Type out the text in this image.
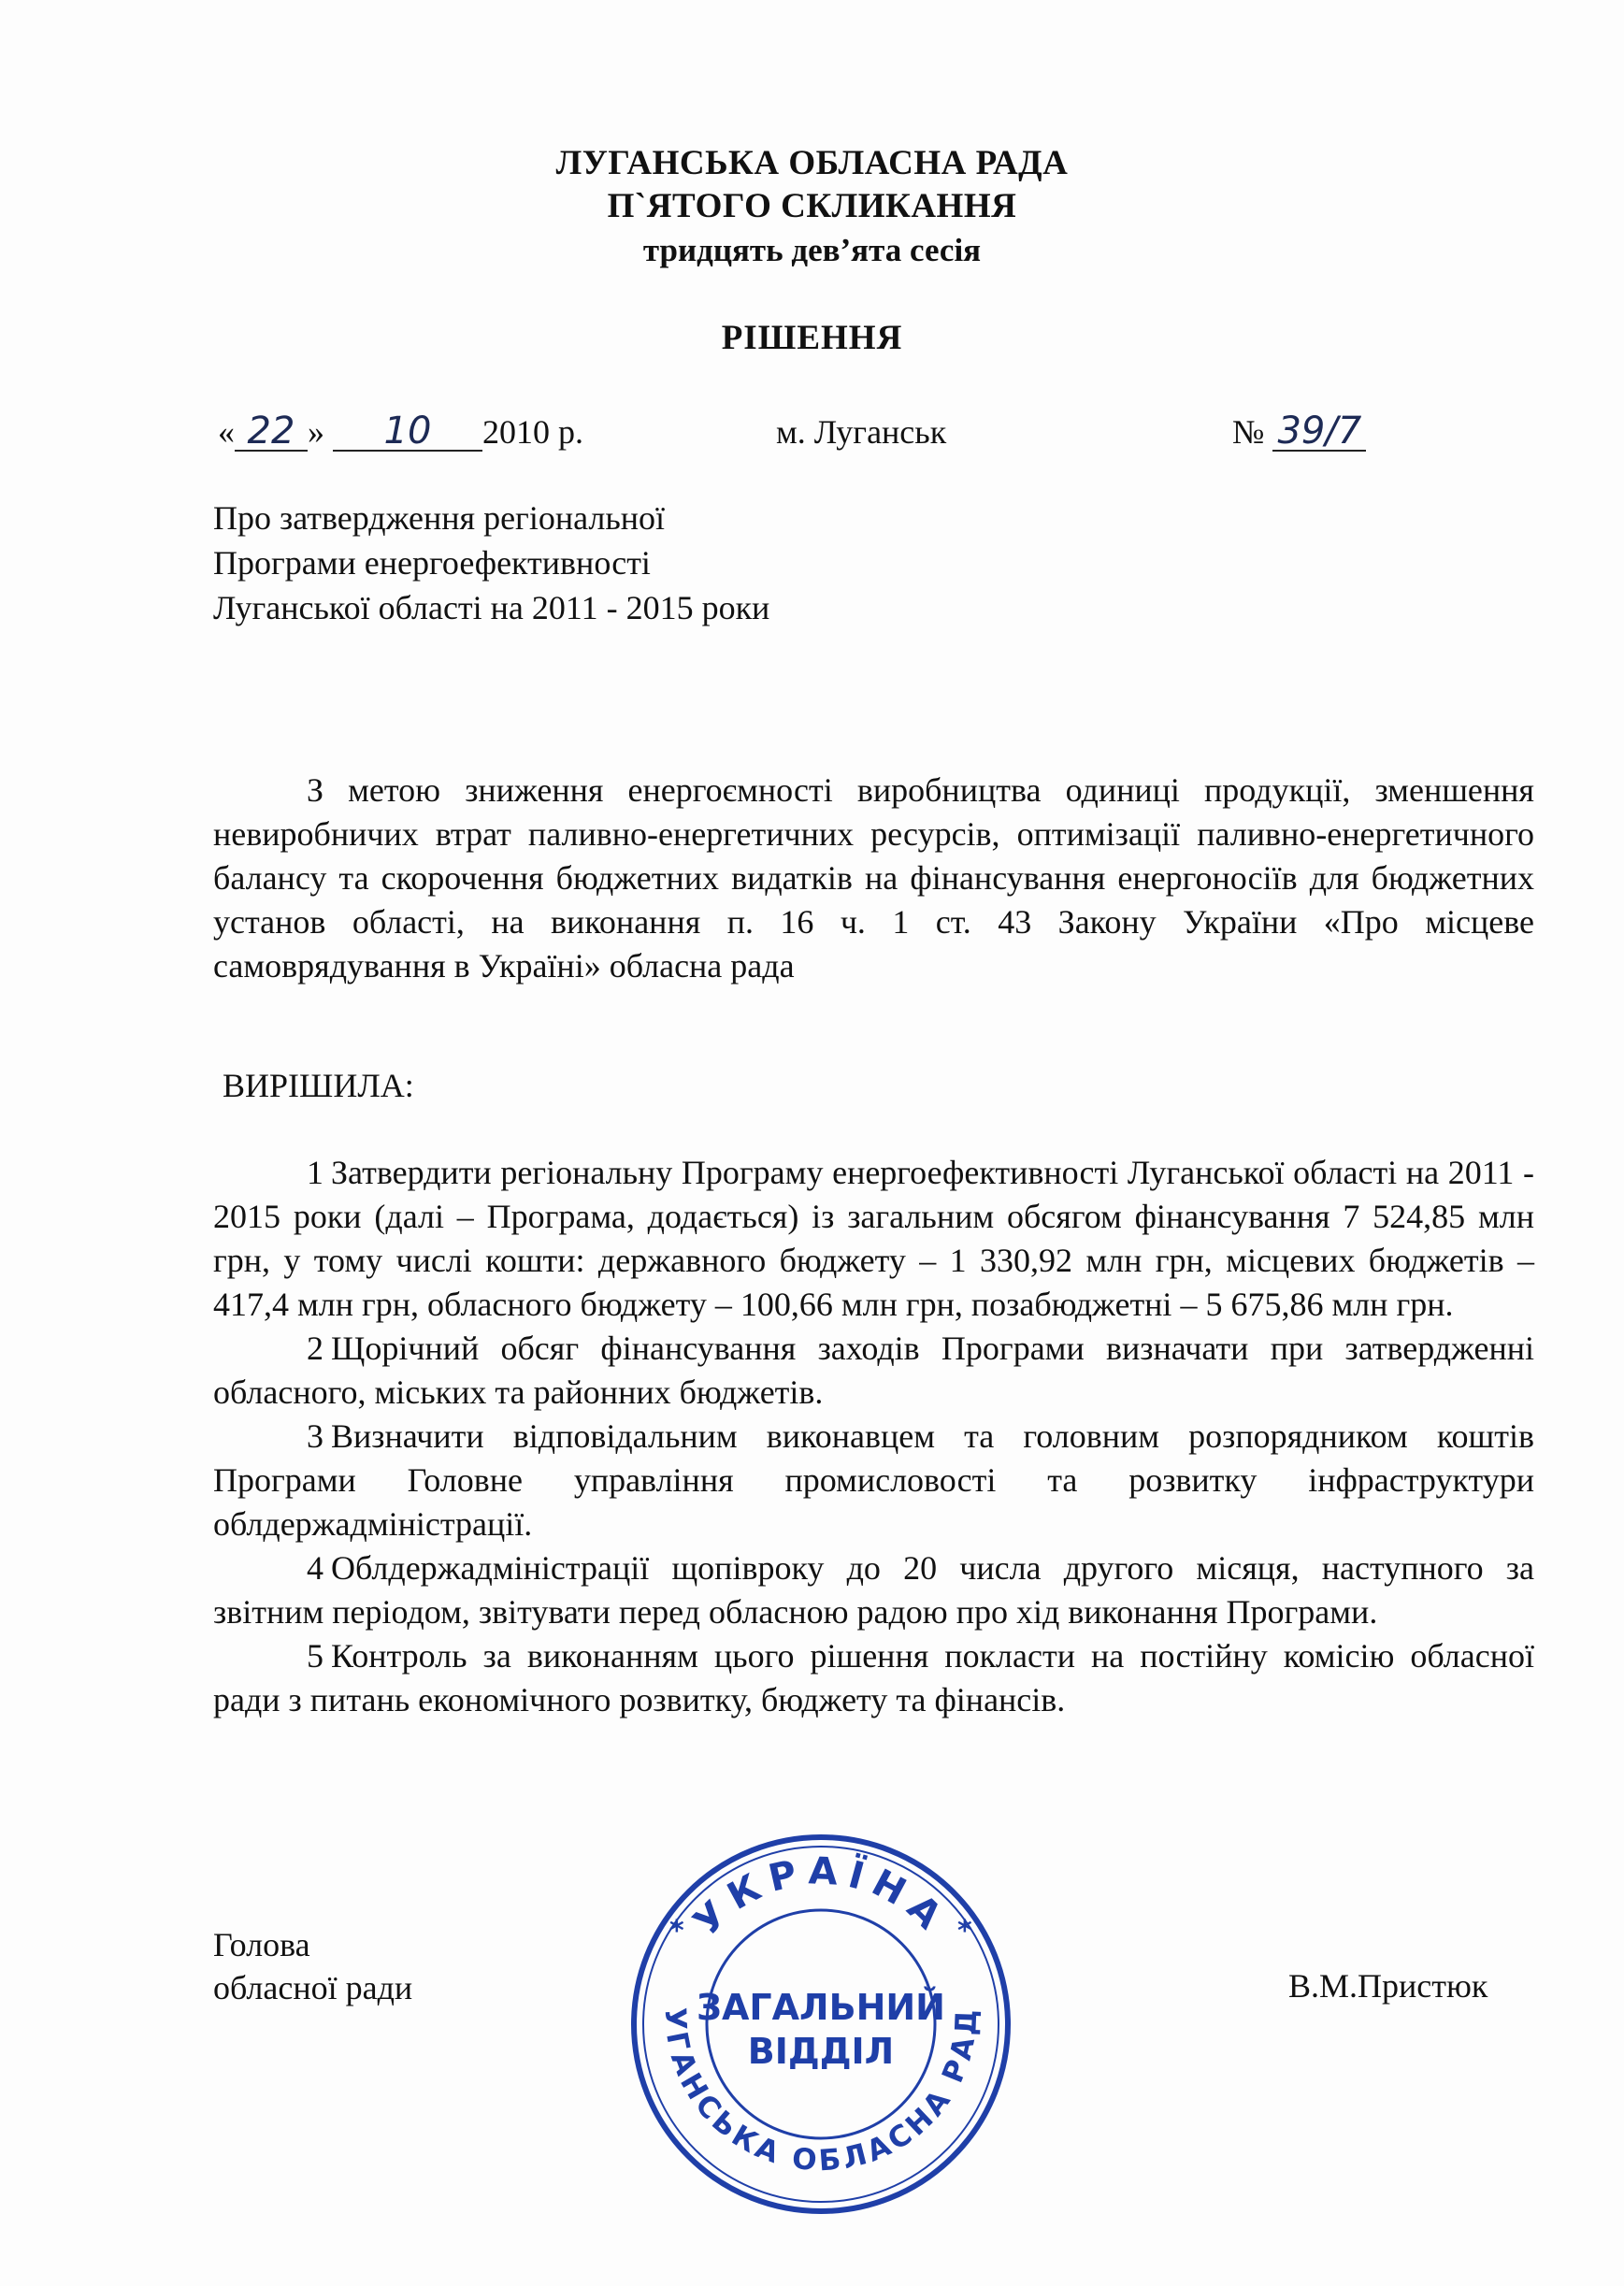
ЛУГАНСЬКА ОБЛАСНА РАДА
П`ЯТОГО СКЛИКАННЯ
тридцять дев’ята сесія
РІШЕННЯ
« 22 » 10 2010 р.	м. Луганськ	№ 39/7
Про затвердження регіональної
Програми енергоефективності
Луганської області на 2011 - 2015 роки

З метою зниження енергоємності виробництва одиниці продукції, зменшення невиробничих втрат паливно-енергетичних ресурсів, оптимізації паливно-енергетичного балансу та скорочення бюджетних видатків на фінансування енергоносіїв для бюджетних установ області, на виконання п. 16 ч. 1 ст. 43 Закону України «Про місцеве самоврядування в Україні» обласна рада

ВИРІШИЛА:

1 Затвердити регіональну Програму енергоефективності Луганської області на 2011 - 2015 роки (далі – Програма, додається) із загальним обсягом фінансування 7 524,85 млн грн, у тому числі кошти: державного бюджету – 1 330,92 млн грн, місцевих бюджетів – 417,4 млн грн, обласного бюджету – 100,66 млн грн, позабюджетні – 5 675,86 млн грн.

2 Щорічний обсяг фінансування заходів Програми визначати при затвердженні обласного, міських та районних бюджетів.

3 Визначити відповідальним виконавцем та головним розпорядником коштів Програми Головне управління промисловості та розвитку інфраструктури облдержадміністрації.

4 Облдержадміністрації щопівроку до 20 числа другого місяця, наступного за звітним періодом, звітувати перед обласною радою про хід виконання Програми.

5 Контроль за виконанням цього рішення покласти на постійну комісію обласної ради з питань економічного розвитку, бюджету та фінансів.

Голова
обласної ради	В.М.Пристюк
УКРАЇНА
ЛУГАНСЬКА ОБЛАСНА РАДА
*	*
ЗАГАЛЬНИЙ
ВІДДІЛ
